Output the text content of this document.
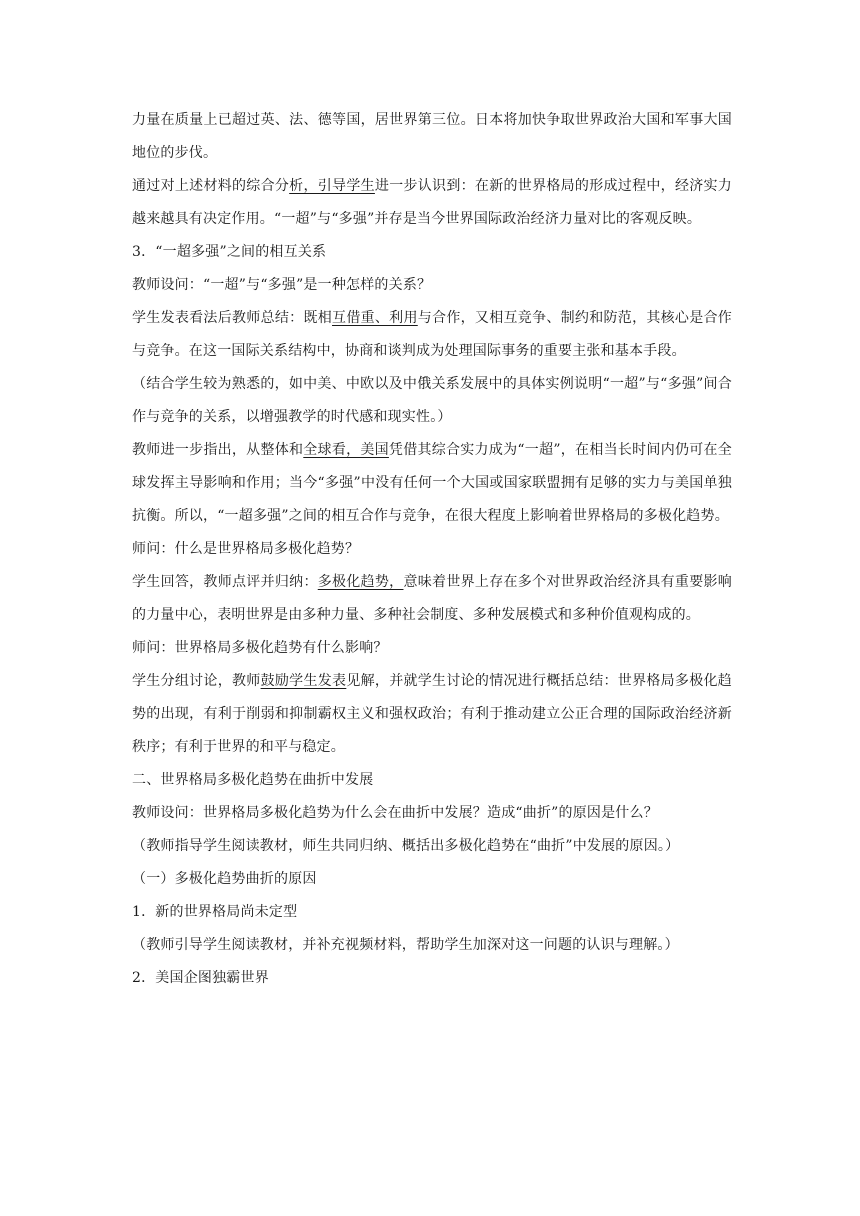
力量在质量上已超过英、法、德等国，居世界第三位。日本将加快争取世界政治大国和军事大国地位的步伐。

通过对上述材料的综合分析，引导学生进一步认识到：在新的世界格局的形成过程中，经济实力越来越具有决定作用。“一超”与“多强”并存是当今世界国际政治经济力量对比的客观反映。

3．“一超多强”之间的相互关系

教师设问：“一超”与“多强”是一种怎样的关系？

学生发表看法后教师总结：既相互借重、利用与合作，又相互竞争、制约和防范，其核心是合作与竞争。在这一国际关系结构中，协商和谈判成为处理国际事务的重要主张和基本手段。

（结合学生较为熟悉的，如中美、中欧以及中俄关系发展中的具体实例说明“一超”与“多强”间合作与竞争的关系，以增强教学的时代感和现实性。）

教师进一步指出，从整体和全球看，美国凭借其综合实力成为“一超”，在相当长时间内仍可在全球发挥主导影响和作用；当今“多强”中没有任何一个大国或国家联盟拥有足够的实力与美国单独抗衡。所以，“一超多强”之间的相互合作与竞争，在很大程度上影响着世界格局的多极化趋势。

师问：什么是世界格局多极化趋势？

学生回答，教师点评并归纳：多极化趋势，意味着世界上存在多个对世界政治经济具有重要影响的力量中心，表明世界是由多种力量、多种社会制度、多种发展模式和多种价值观构成的。

师问：世界格局多极化趋势有什么影响？

学生分组讨论，教师鼓励学生发表见解，并就学生讨论的情况进行概括总结：世界格局多极化趋势的出现，有利于削弱和抑制霸权主义和强权政治；有利于推动建立公正合理的国际政治经济新秩序；有利于世界的和平与稳定。

二、世界格局多极化趋势在曲折中发展

教师设问：世界格局多极化趋势为什么会在曲折中发展？造成“曲折”的原因是什么？

（教师指导学生阅读教材，师生共同归纳、概括出多极化趋势在“曲折”中发展的原因。）

（一）多极化趋势曲折的原因

1．新的世界格局尚未定型

（教师引导学生阅读教材，并补充视频材料，帮助学生加深对这一问题的认识与理解。）

2．美国企图独霸世界
